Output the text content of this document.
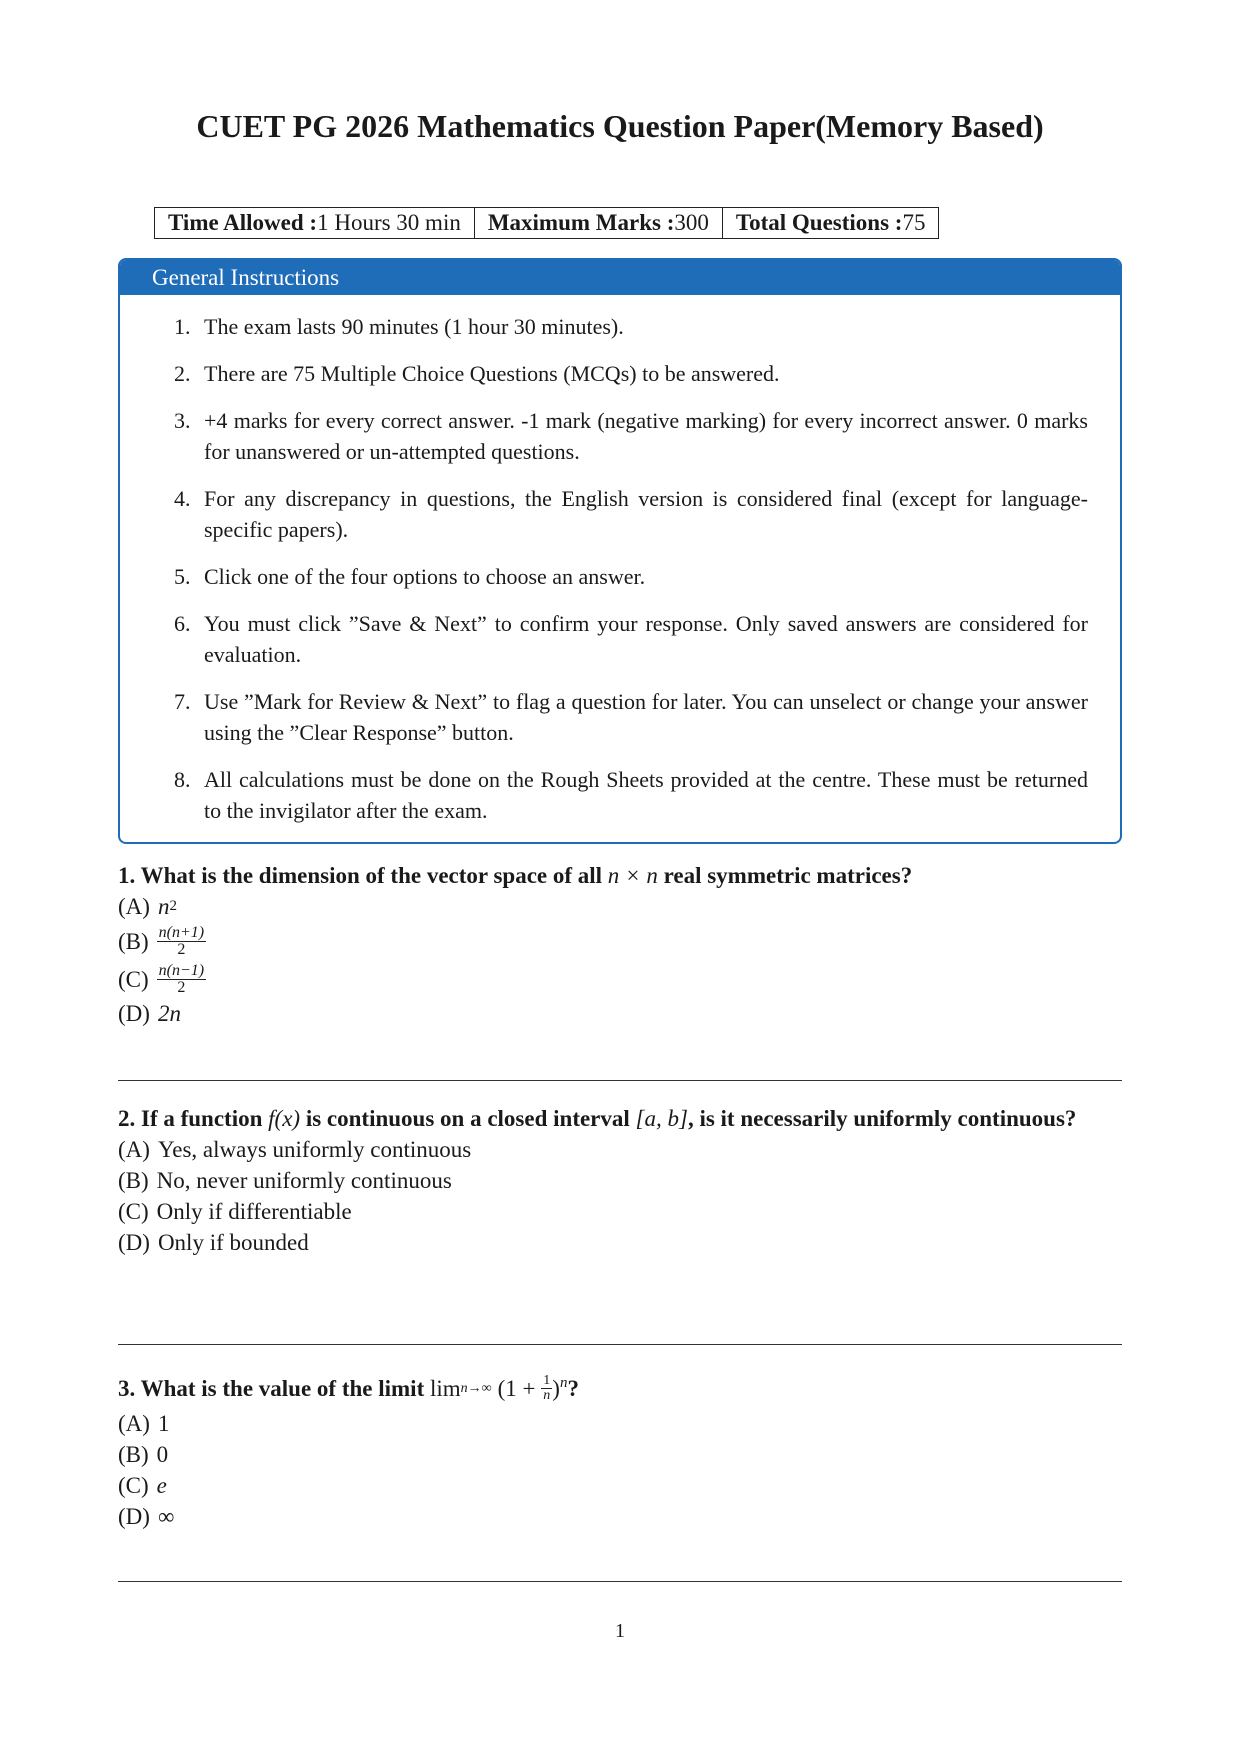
CUET PG 2026 Mathematics Question Paper(Memory Based)
Time Allowed :1 Hours 30 min	Maximum Marks :300	Total Questions :75
General Instructions
1. The exam lasts 90 minutes (1 hour 30 minutes).
2. There are 75 Multiple Choice Questions (MCQs) to be answered.
3. +4 marks for every correct answer. -1 mark (negative marking) for every incorrect answer. 0 marks for unanswered or un-attempted questions.
4. For any discrepancy in questions, the English version is considered final (except for language-specific papers).
5. Click one of the four options to choose an answer.
6. You must click ”Save & Next” to confirm your response. Only saved answers are considered for evaluation.
7. Use ”Mark for Review & Next” to flag a question for later. You can unselect or change your answer using the ”Clear Response” button.
8. All calculations must be done on the Rough Sheets provided at the centre. These must be returned to the invigilator after the exam.
1. What is the dimension of the vector space of all n × n real symmetric matrices?
(A) n 2
$(B) \frac{n(n+1)}{2}$
$(C) \frac{n(n-1)}{2}$
(D) 2n
2. If a function f(x) is continuous on a closed interval [a, b], is it necessarily uniformly continuous?
(A) Yes, always uniformly continuous
(B) No, never uniformly continuous
(C) Only if differentiable
(D) Only if bounded
3. What is the value of the limit lim n→∞ ($1 + \frac{1}{n}$ ) n ?
(A) 1
(B) 0
(C) e
(D) ∞
1
